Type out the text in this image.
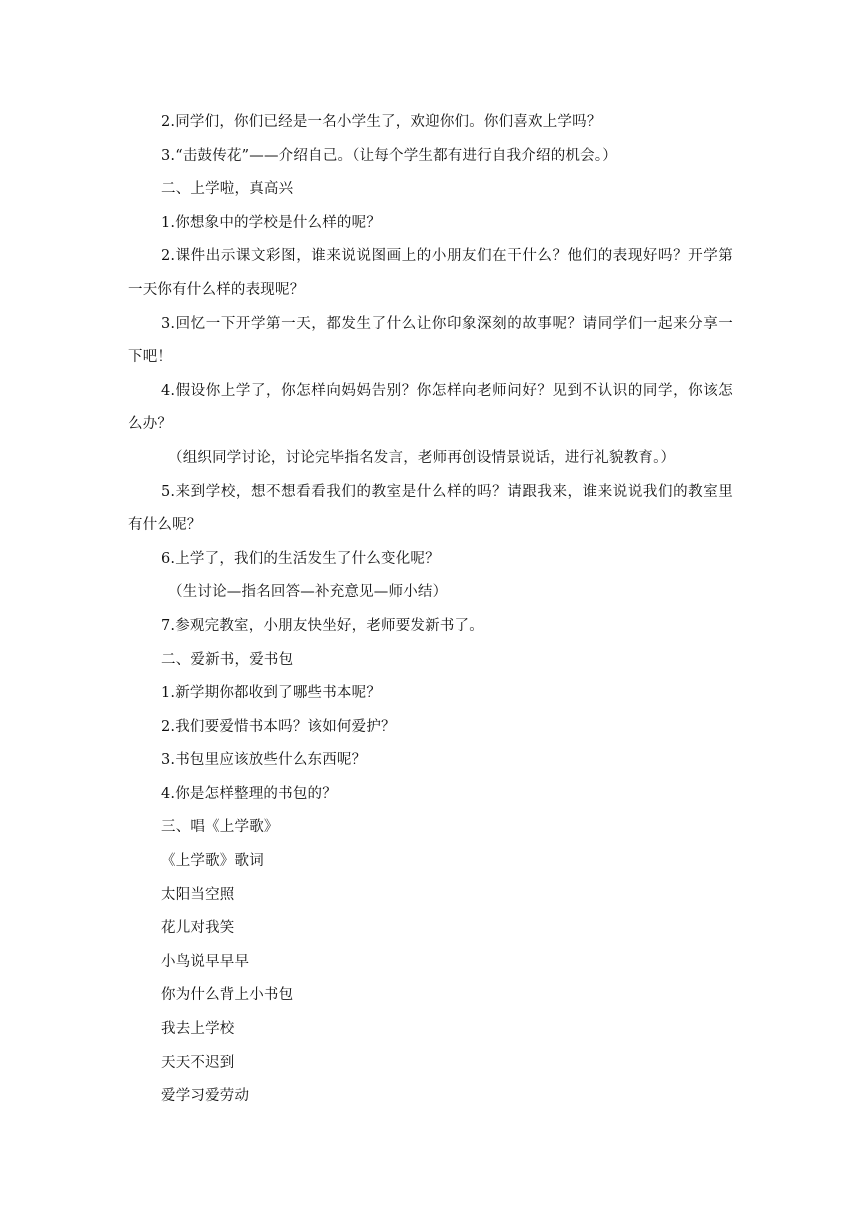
2.同学们，你们已经是一名小学生了，欢迎你们。你们喜欢上学吗？
3.“击鼓传花”——介绍自己。（让每个学生都有进行自我介绍的机会。）
二、上学啦，真高兴
1.你想象中的学校是什么样的呢？
2.课件出示课文彩图，谁来说说图画上的小朋友们在干什么？他们的表现好吗？开学第
一天你有什么样的表现呢？
3.回忆一下开学第一天，都发生了什么让你印象深刻的故事呢？请同学们一起来分享一
下吧！
4.假设你上学了，你怎样向妈妈告别？你怎样向老师问好？见到不认识的同学，你该怎
么办？
（组织同学讨论，讨论完毕指名发言，老师再创设情景说话，进行礼貌教育。）
5.来到学校，想不想看看我们的教室是什么样的吗？请跟我来，谁来说说我们的教室里
有什么呢？
6.上学了，我们的生活发生了什么变化呢？
（生讨论—指名回答—补充意见—师小结）
7.参观完教室，小朋友快坐好，老师要发新书了。
二、爱新书，爱书包
1.新学期你都收到了哪些书本呢？
2.我们要爱惜书本吗？该如何爱护？
3.书包里应该放些什么东西呢？
4.你是怎样整理的书包的？
三、唱《上学歌》
《上学歌》歌词
太阳当空照
花儿对我笑
小鸟说早早早
你为什么背上小书包
我去上学校
天天不迟到
爱学习爱劳动
